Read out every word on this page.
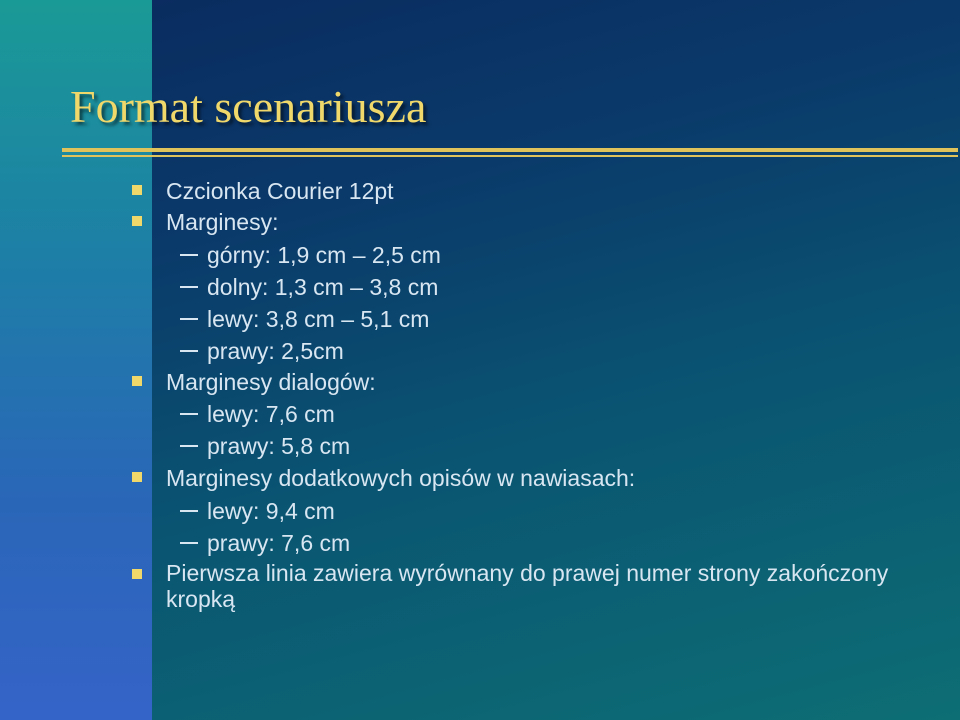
Format scenariusza
Czcionka Courier 12pt
Marginesy:
górny: 1,9 cm – 2,5 cm
dolny: 1,3 cm – 3,8 cm
lewy: 3,8 cm – 5,1 cm
prawy: 2,5cm
Marginesy dialogów:
lewy: 7,6 cm
prawy: 5,8 cm
Marginesy dodatkowych opisów w nawiasach:
lewy: 9,4 cm
prawy: 7,6 cm
Pierwsza linia zawiera wyrównany do prawej numer strony zakończony kropką
